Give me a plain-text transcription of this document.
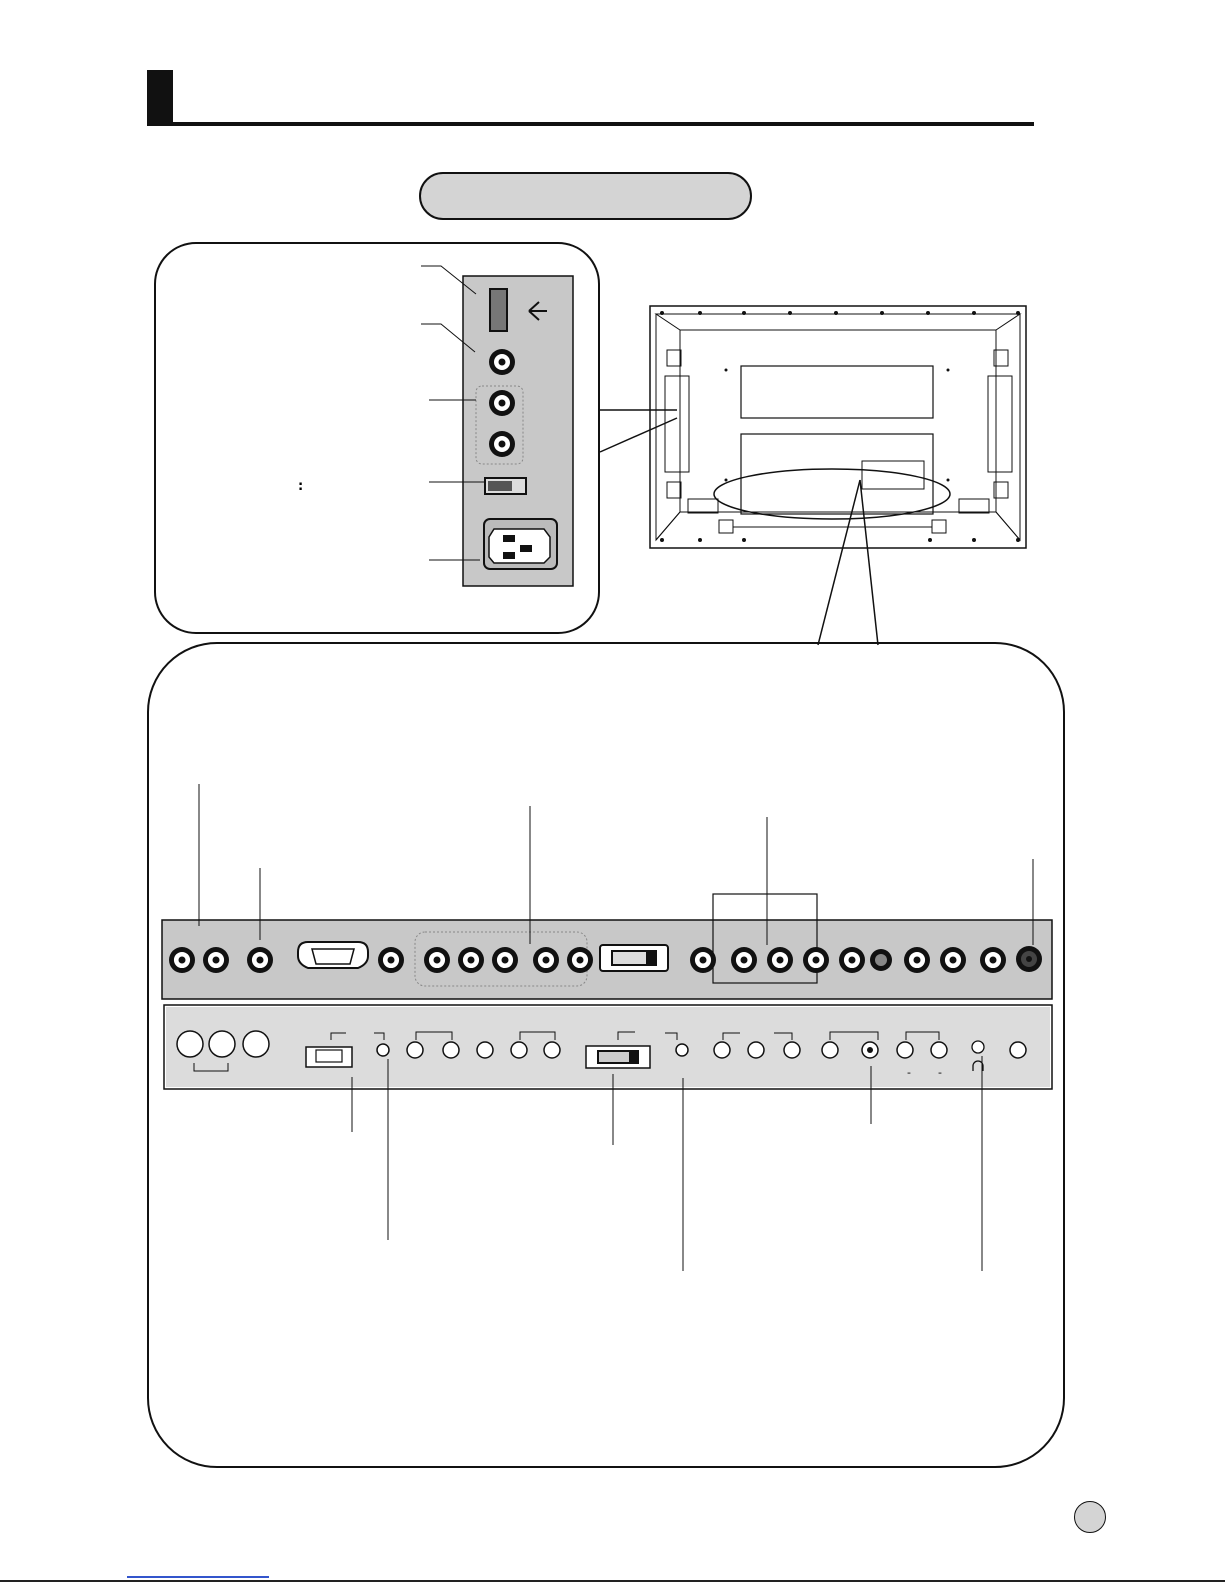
- -
:
